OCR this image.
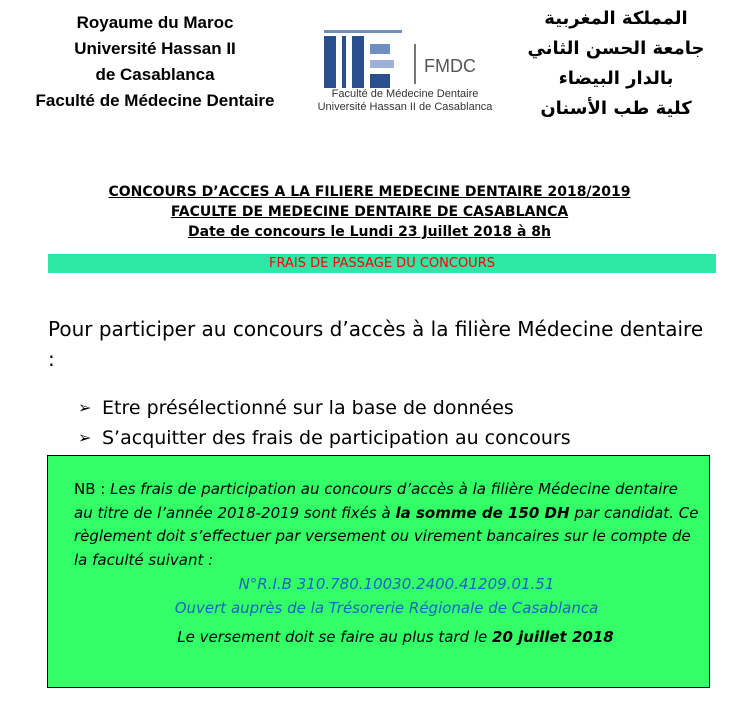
Royaume du Maroc
Université Hassan II
de Casablanca
Faculté de Médecine Dentaire
FMDC
Faculté de Médecine Dentaire
Université Hassan II de Casablanca
المملكة المغربية
جامعة الحسن الثاني
بالدار البيضاء
كلية طب الأسنان
CONCOURS D’ACCES A LA FILIERE MEDECINE DENTAIRE 2018/2019
FACULTE DE MEDECINE DENTAIRE DE CASABLANCA
Date de concours le Lundi 23 Juillet 2018 à 8h
FRAIS DE PASSAGE DU CONCOURS
Pour participer au concours d’accès à la filière Médecine dentaire :
➢ Etre présélectionné sur la base de données
➢ S’acquitter des frais de participation au concours
NB : Les frais de participation au concours d’accès à la filière Médecine dentaire au titre de l’année 2018-2019 sont fixés à la somme de 150 DH par candidat. Ce règlement doit s’effectuer par versement ou virement bancaires sur le compte de la faculté suivant :
N°R.I.B 310.780.10030.2400.41209.01.51
Ouvert auprès de la Trésorerie Régionale de Casablanca
Le versement doit se faire au plus tard le 20 juillet 2018
